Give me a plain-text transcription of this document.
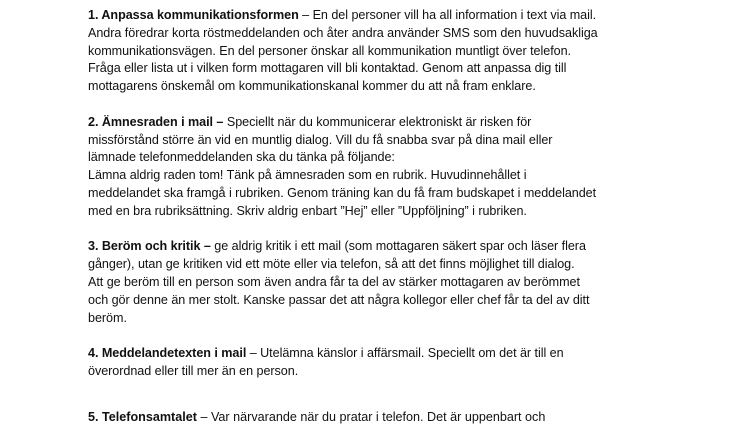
1. Anpassa kommunikationsformen – En del personer vill ha all information i text via mail.
Andra föredrar korta röstmeddelanden och åter andra använder SMS som den huvudsakliga
kommunikationsvägen. En del personer önskar all kommunikation muntligt över telefon.
Fråga eller lista ut i vilken form mottagaren vill bli kontaktad. Genom att anpassa dig till
mottagarens önskemål om kommunikationskanal kommer du att nå fram enklare.
2. Ämnesraden i mail – Speciellt när du kommunicerar elektroniskt är risken för
missförstånd större än vid en muntlig dialog. Vill du få snabba svar på dina mail eller
lämnade telefonmeddelanden ska du tänka på följande:
Lämna aldrig raden tom! Tänk på ämnesraden som en rubrik. Huvudinnehållet i
meddelandet ska framgå i rubriken. Genom träning kan du få fram budskapet i meddelandet
med en bra rubriksättning. Skriv aldrig enbart ”Hej” eller ”Uppföljning” i rubriken.
3. Beröm och kritik – ge aldrig kritik i ett mail (som mottagaren säkert spar och läser flera
gånger), utan ge kritiken vid ett möte eller via telefon, så att det finns möjlighet till dialog.
Att ge beröm till en person som även andra får ta del av stärker mottagaren av berömmet
och gör denne än mer stolt. Kanske passar det att några kollegor eller chef får ta del av ditt
beröm.
4. Meddelandetexten i mail – Utelämna känslor i affärsmail. Speciellt om det är till en
överordnad eller till mer än en person.
5. Telefonsamtalet – Var närvarande när du pratar i telefon. Det är uppenbart och
